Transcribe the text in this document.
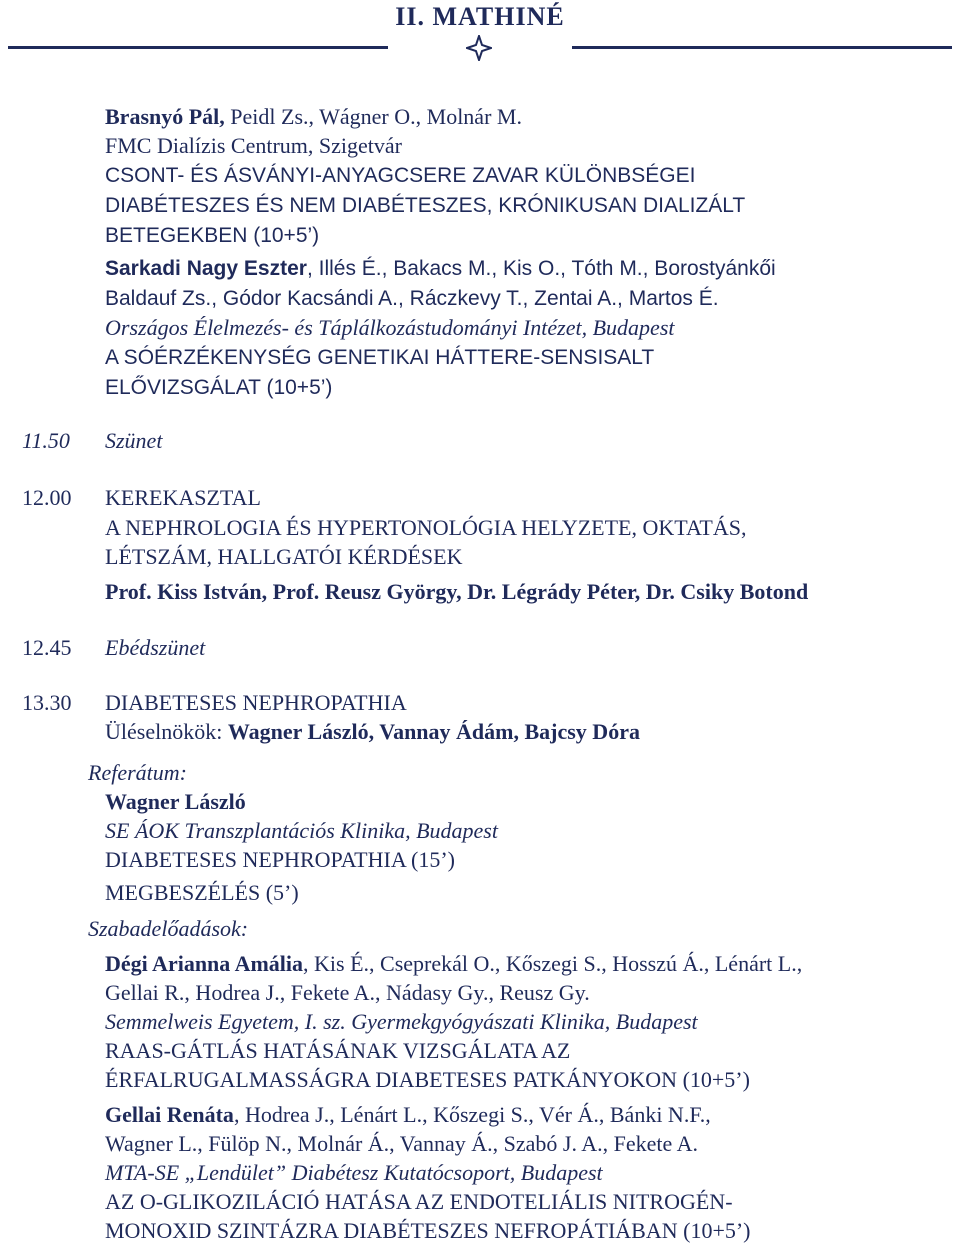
II. MATHINÉ
Brasnyó Pál, Peidl Zs., Wágner O., Molnár M.
FMC Dialízis Centrum, Szigetvár
CSONT- ÉS ÁSVÁNYI-ANYAGCSERE ZAVAR KÜLÖNBSÉGEI
DIABÉTESZES ÉS NEM DIABÉTESZES, KRÓNIKUSAN DIALIZÁLT
BETEGEKBEN (10+5’)
Sarkadi Nagy Eszter, Illés É., Bakacs M., Kis O., Tóth M., Borostyánkői
Baldauf Zs., Gódor Kacsándi A., Ráczkevy T., Zentai A., Martos É.
Országos Élelmezés- és Táplálkozástudományi Intézet, Budapest
A SÓÉRZÉKENYSÉG GENETIKAI HÁTTERE-SENSISALT
ELŐVIZSGÁLAT (10+5’)
11.50 Szünet
12.00 KEREKASZTAL
A NEPHROLOGIA ÉS HYPERTONOLÓGIA HELYZETE, OKTATÁS,
LÉTSZÁM, HALLGATÓI KÉRDÉSEK
Prof. Kiss István, Prof. Reusz György, Dr. Légrády Péter, Dr. Csiky Botond
12.45 Ebédszünet
13.30 DIABETESES NEPHROPATHIA
Üléselnökök: Wagner László, Vannay Ádám, Bajcsy Dóra
Referátum:
Wagner László
SE ÁOK Transzplantációs Klinika, Budapest
DIABETESES NEPHROPATHIA (15’)
MEGBESZÉLÉS (5’)
Szabadelőadások:
Dégi Arianna Amália, Kis É., Cseprekál O., Kőszegi S., Hosszú Á., Lénárt L.,
Gellai R., Hodrea J., Fekete A., Nádasy Gy., Reusz Gy.
Semmelweis Egyetem, I. sz. Gyermekgyógyászati Klinika, Budapest
RAAS-GÁTLÁS HATÁSÁNAK VIZSGÁLATA AZ
ÉRFALRUGALMASSÁGRA DIABETESES PATKÁNYOKON (10+5’)
Gellai Renáta, Hodrea J., Lénárt L., Kőszegi S., Vér Á., Bánki N.F.,
Wagner L., Fülöp N., Molnár Á., Vannay Á., Szabó J. A., Fekete A.
MTA-SE „Lendület” Diabétesz Kutatócsoport, Budapest
AZ O-GLIKOZILÁCIÓ HATÁSA AZ ENDOTELIÁLIS NITROGÉN-
MONOXID SZINTÁZRA DIABÉTESZES NEFROPÁTIÁBAN (10+5’)
